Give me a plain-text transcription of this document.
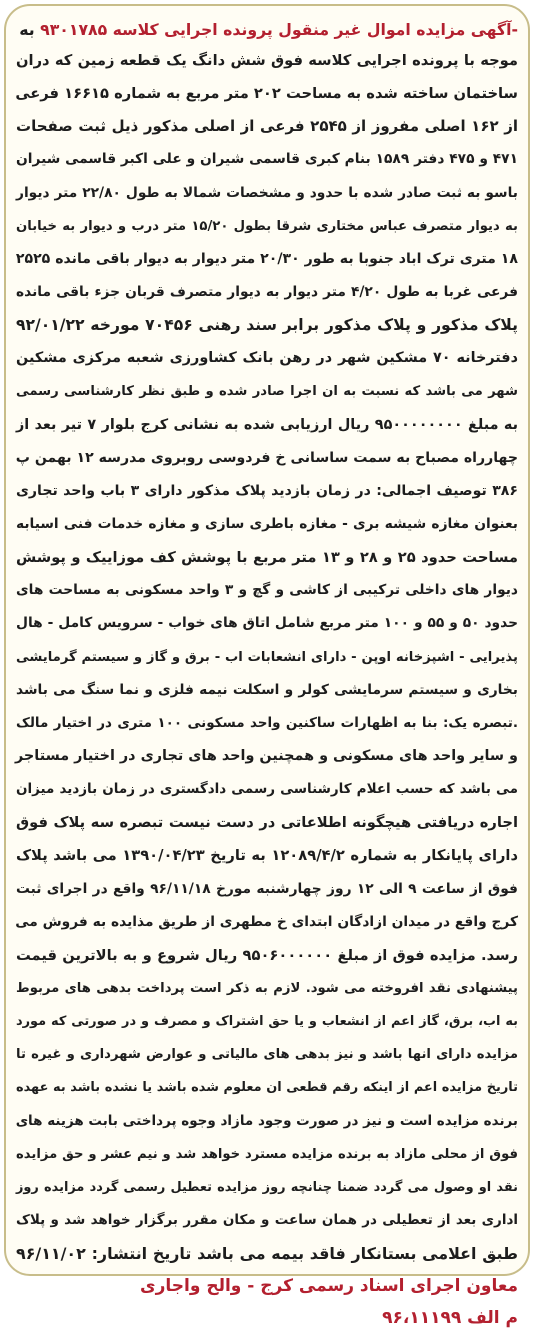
-آگهی مزایده اموال غیر منقول پرونده اجرایی کلاسه ۹۳۰۱۷۸۵ به
موجه با پرونده اجرایی کلاسه فوق شش دانگ یک قطعه زمین که دران
ساختمان ساخته شده به مساحت ۲۰۲ متر مربع به شماره ۱۶۶۱۵ فرعی
از ۱۶۲ اصلی مفروز از ۲۵۴۵ فرعی از اصلی مذکور ذیل ثبت صفحات
۴۷۱ و ۴۷۵ دفتر ۱۵۸۹ بنام کبری قاسمی شیران و علی اکبر قاسمی شیران
باسو به ثبت صادر شده با حدود و مشخصات شمالا به طول ۲۲/۸۰ متر دیوار
به دیوار متصرف عباس مختاری شرقا بطول ۱۵/۲۰ متر درب و دیوار به خیابان
۱۸ متری ترک اباد جنوبا به طور ۲۰/۳۰ متر دیوار به دیوار باقی مانده ۲۵۲۵
فرعی غربا به طول ۴/۲۰ متر دیوار به دیوار متصرف قربان جزء باقی مانده
پلاک مذکور و پلاک مذکور برابر سند رهنی ۷۰۴۵۶ مورخه ۹۲/۰۱/۲۲
دفترخانه ۷۰ مشکین شهر در رهن بانک کشاورزی شعبه مرکزی مشکین
شهر می باشد که نسبت به ان اجرا صادر شده و طبق نظر کارشناسی رسمی
به مبلغ ۹۵۰۰۰۰۰۰۰۰ ریال ارزیابی شده به نشانی کرج بلوار ۷ تیر بعد از
چهارراه مصباح به سمت ساسانی خ فردوسی روبروی مدرسه ۱۲ بهمن پ
۳۸۶ توصیف اجمالی: در زمان بازدید پلاک مذکور دارای ۳ باب واحد تجاری
بعنوان مغازه شیشه بری - مغازه باطری سازی و مغازه خدمات فنی اسیابه
مساحت حدود ۲۵ و ۲۸ و ۱۳ متر مربع با پوشش کف موزاییک و پوشش
دیوار های داخلی ترکیبی از کاشی و گچ و ۳ واحد مسکونی به مساحت های
حدود ۵۰ و ۵۵ و ۱۰۰ متر مربع شامل اتاق های خواب - سرویس کامل - هال
پذیرایی - اشپزخانه اوپن - دارای انشعابات اب - برق و گاز و سیستم گرمایشی
بخاری و سیستم سرمایشی کولر و اسکلت نیمه فلزی و نما سنگ می باشد
.تبصره یک: بنا به اظهارات ساکنین واحد مسکونی ۱۰۰ متری در اختیار مالک
و سایر واحد های مسکونی و همچنین واحد های تجاری در اختیار مستاجر
می باشد که حسب اعلام کارشناسی رسمی دادگستری در زمان بازدید میزان
اجاره دریافتی هیچگونه اطلاعاتی در دست نیست تبصره سه پلاک فوق
دارای پایانکار به شماره ۱۲۰۸۹/۴/۲ به تاریخ ۱۳۹۰/۰۴/۲۳ می باشد پلاک
فوق از ساعت ۹ الی ۱۲ روز چهارشنبه مورخ ۹۶/۱۱/۱۸ واقع در اجرای ثبت
کرج واقع در میدان ازادگان ابتدای خ مطهری از طریق مذایده به فروش می
رسد. مزایده فوق از مبلغ ۹۵۰۶۰۰۰۰۰۰ ریال شروع و به بالاترین قیمت
پیشنهادی نقد افروخته می شود. لازم به ذکر است پرداخت بدهی های مربوط
به اب، برق، گاز اعم از انشعاب و یا حق اشتراک و مصرف و در صورتی که مورد
مزایده دارای انها باشد و نیز بدهی های مالیاتی و عوارض شهرداری و غیره تا
تاریخ مزایده اعم از اینکه رقم قطعی ان معلوم شده باشد یا نشده باشد به عهده
برنده مزایده است و نیز در صورت وجود مازاد وجوه پرداختی بابت هزینه های
فوق از محلی مازاد به برنده مزایده مسترد خواهد شد و نیم عشر و حق مزایده
نقد او وصول می گردد ضمنا چنانچه روز مزایده تعطیل رسمی گردد مزایده روز
اداری بعد از تعطیلی در همان ساعت و مکان مقرر برگزار خواهد شد و پلاک
طبق اعلامی بستانکار فاقد بیمه می باشد تاریخ انتشار: ۹۶/۱۱/۰۲
معاون اجرای اسناد رسمی کرج - والح واجاری
م الف ۹۶،۱۱۱۹۹
